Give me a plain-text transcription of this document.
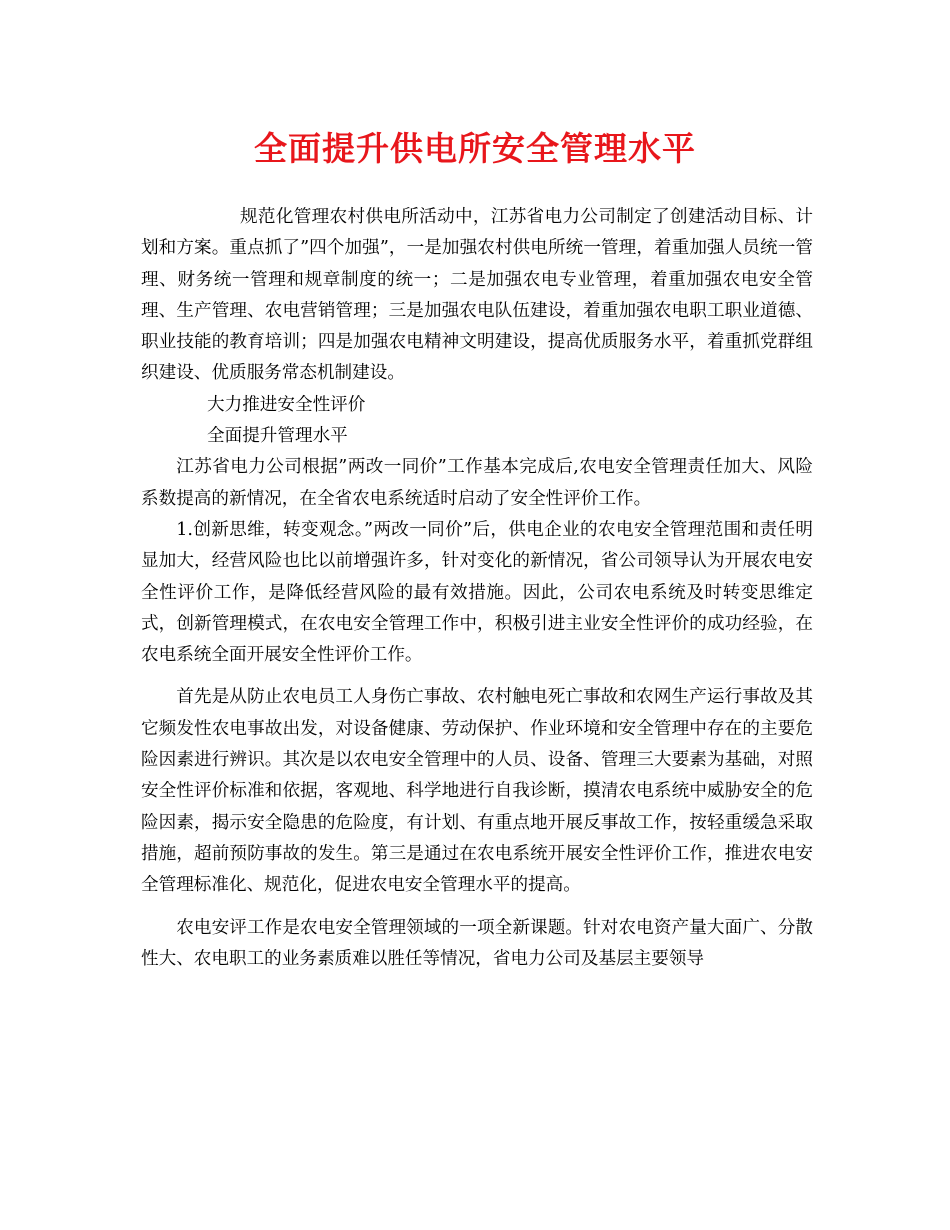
全面提升供电所安全管理水平

规范化管理农村供电所活动中，江苏省电力公司制定了创建活动目标、计划和方案。重点抓了”四个加强”，一是加强农村供电所统一管理，着重加强人员统一管理、财务统一管理和规章制度的统一；二是加强农电专业管理，着重加强农电安全管理、生产管理、农电营销管理；三是加强农电队伍建设，着重加强农电职工职业道德、职业技能的教育培训；四是加强农电精神文明建设，提高优质服务水平，着重抓党群组织建设、优质服务常态机制建设。

大力推进安全性评价

全面提升管理水平

江苏省电力公司根据”两改一同价”工作基本完成后,农电安全管理责任加大、风险系数提高的新情况，在全省农电系统适时启动了安全性评价工作。

1.创新思维，转变观念。”两改一同价”后，供电企业的农电安全管理范围和责任明显加大，经营风险也比以前增强许多，针对变化的新情况，省公司领导认为开展农电安全性评价工作，是降低经营风险的最有效措施。因此，公司农电系统及时转变思维定式，创新管理模式，在农电安全管理工作中，积极引进主业安全性评价的成功经验，在农电系统全面开展安全性评价工作。

首先是从防止农电员工人身伤亡事故、农村触电死亡事故和农网生产运行事故及其它频发性农电事故出发，对设备健康、劳动保护、作业环境和安全管理中存在的主要危险因素进行辨识。其次是以农电安全管理中的人员、设备、管理三大要素为基础，对照安全性评价标准和依据，客观地、科学地进行自我诊断，摸清农电系统中威胁安全的危险因素，揭示安全隐患的危险度，有计划、有重点地开展反事故工作，按轻重缓急采取措施，超前预防事故的发生。第三是通过在农电系统开展安全性评价工作，推进农电安全管理标准化、规范化，促进农电安全管理水平的提高。

农电安评工作是农电安全管理领域的一项全新课题。针对农电资产量大面广、分散性大、农电职工的业务素质难以胜任等情况，省电力公司及基层主要领导
